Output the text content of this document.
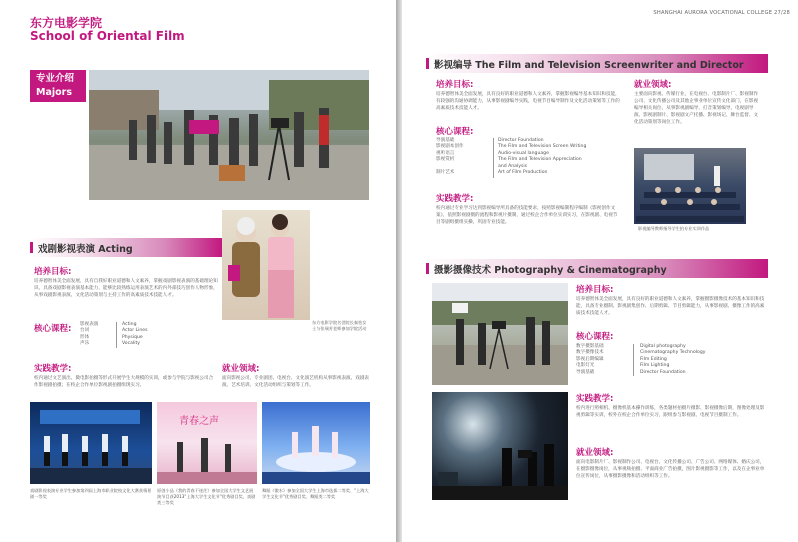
东方电影学院
School of Oriental Film
专业介绍
Majors
戏剧影视表演 Acting
东方电影学院名誉院长秦怡女士与张瑞芳老师参加学院活动
培养目标:
培养德智体美全面发展，具有自我好职业道德和人文素养，掌握戏剧影视表演的基础理论知识，具备戏剧影视表演基本能力，能够比较熟练运用表演艺术的内外部技巧创作人物形象，从事戏剧影视表演、文化活动策划与主持工作的高素质技术技能人才。
核心课程: 影视表演
台词
形体
声乐
Acting
Actor Lines
Physique
Vocality
实践教学:
校内通过文艺演出、微电影拍摄等形式开展学生大规模的实训，或参与学院与影视公司合作影视剧拍摄；在校企合作单位影视剧拍摄组现实习。
就业领域:
面向影视公司、专业剧团、电视台、文化演艺机构从事影视表演、戏剧表演、艺术培训、文化活动组织与策划等工作。
青春之声
戏剧影视表演专业学生参加第四届上海市职业院校文化大赛获情景剧一等奖
原创小品《我的青春不迷茫》参加全国大学生文艺展演节目获2013"上海大学生文化节"优秀剧目奖、戏剧类三等奖
舞蹈《傲水》参加全国大学生上海市选拔二等奖、"上海大学生文化节"优秀剧目奖、舞蹈类二等奖
SHANGHAI AURORA VOCATIONAL COLLEGE 27/28
影视编导 The Film and Television Screenwriter and Director
培养目标:
培养德智体美全面发展，具有良好的职业道德和人文素养，掌握影视编导基本知识和技能，有较强的沟通协调能力，从事影视剧编导实践，电视节目编导制作及文化活动策划等工作的高素质技术技能人才。
核心课程:
导演基础
影视剧本创作
视听语言
影视赏析

制片艺术
Director Foundation
The Film and Television Screen Writing
Audio-visual language
The Film and Television Appreciation
and Analysis
Art of Film Production
实践教学:
校内通过专业学习达到影视编导所具备的技能要求，按照影视编制程序编制《影视创作文案》，依照影视剧摄的流程和影视片摄制，通过校企合作单位实训实习，在影视剧、电视节目等剧组摄组实操，巩固专业技能。
就业领域:
主要面向影视、传媒行业，在电视台、电影制片厂、影视制作公司、文化传播公司及其他企事业单位宣传文化部门，在影视编导相关岗位，从事影视剧编导、打音策划编导、电视剧导演、影视剧制片、影视剧文产托播、影视场记、舞台监督、文化活动策划等岗位工作。
影视编导教师指导学生拍专业实训作品
摄影摄像技术 Photography & Cinematography
培养目标:
培养德智体美全面发展，具有良好的职业道德和人文素养，掌握摄影摄像技术的基本知识和技能，具备专业摄制、影视剧集创作、后期剪辑、节目剪辑能力，从事影视剧、摄像工作的高素质技术技能人才。
核心课程:
数字摄影基础
数字摄像技术
影视后期编辑
电影灯光
导演基础
Digital photography
Cinematography Technology
Film Editing
Film Lighting
Director Foundation
实践教学:
校内进行照相机、摄像机基本操作训练，各类题材拍摄片摄影、影视摄像后期，图像处理及影视剪辑等实训，校外在校企合作单位实习，跟组参与影视剧、电视节目摄制工作。
就业领域:
面向电影制片厂、影视制作公司、电视台、文化传播公司、广告公司、网络媒体、婚庆公司，在摄影摄像岗位，从事视频拍摄、平面商业广告拍摄，图片影视摄影等工作，以及在企事业单位宣传岗位，从事摄影摄像和活动组织等工作。
